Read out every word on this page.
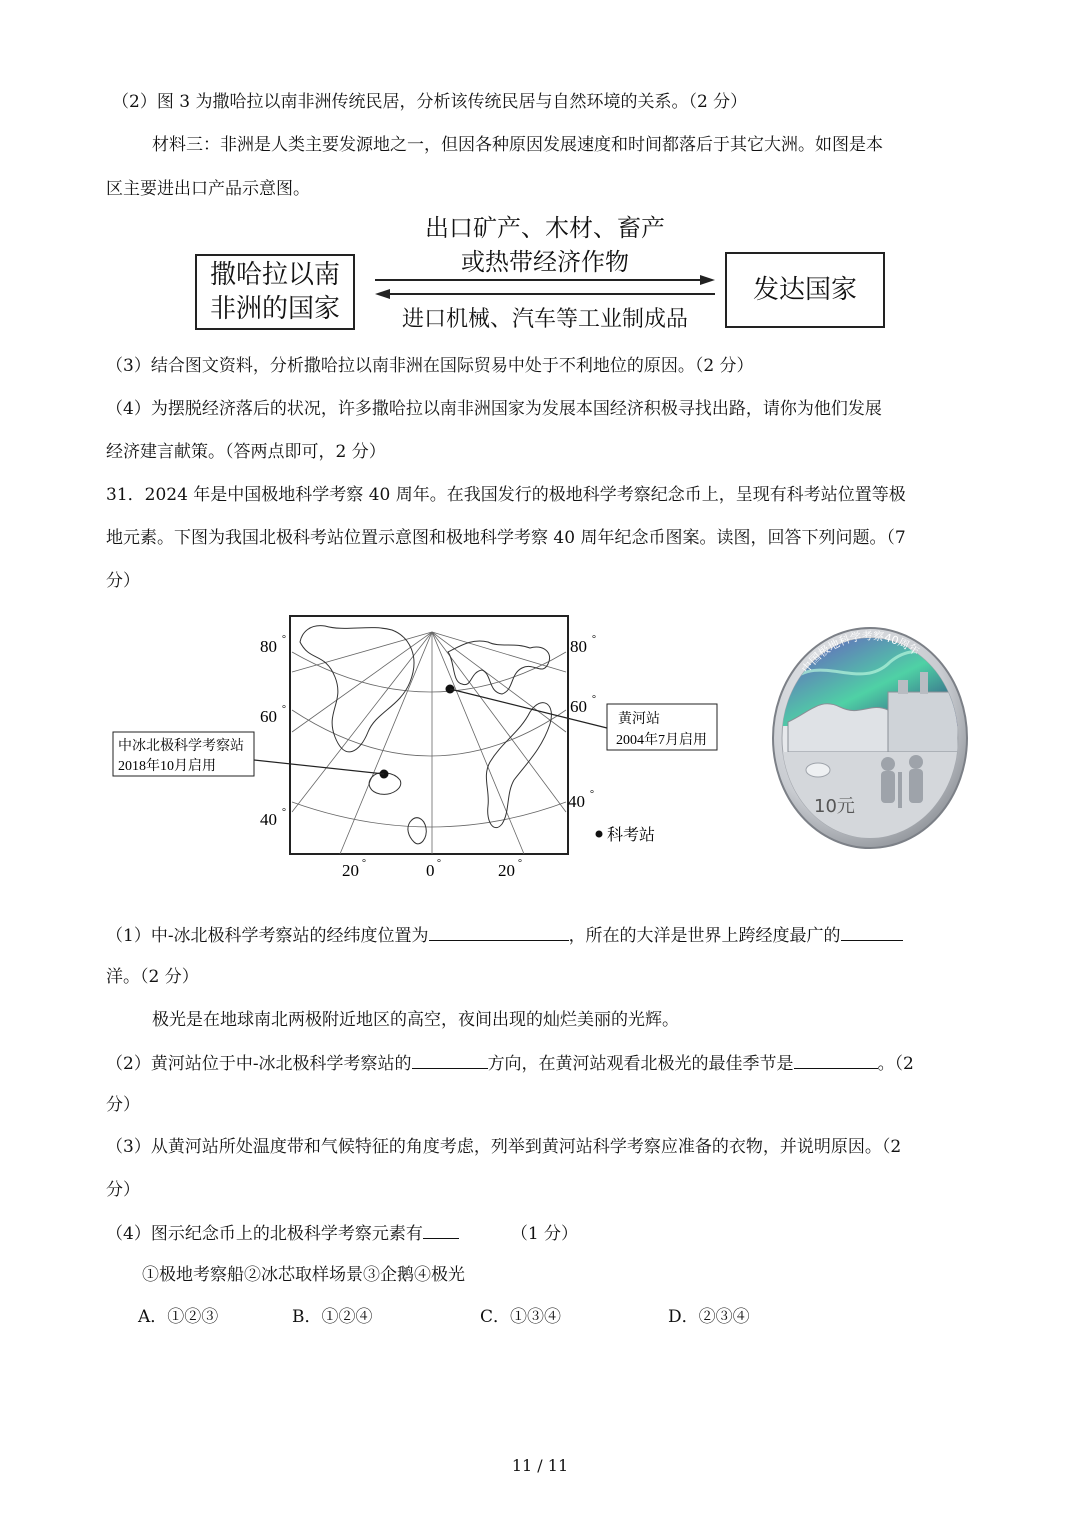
（2）图 3 为撒哈拉以南非洲传统民居，分析该传统民居与自然环境的关系。（2 分）
材料三：非洲是人类主要发源地之一，但因各种原因发展速度和时间都落后于其它大洲。如图是本
区主要进出口产品示意图。
撒哈拉以南
非洲的国家
发达国家
出口矿产、木材、畜产
或热带经济作物
进口机械、汽车等工业制成品
（3）结合图文资料，分析撒哈拉以南非洲在国际贸易中处于不利地位的原因。（2 分）
（4）为摆脱经济落后的状况，许多撒哈拉以南非洲国家为发展本国经济积极寻找出路，请你为他们发展
经济建言献策。（答两点即可，2 分）
31．2024 年是中国极地科学考察 40 周年。在我国发行的极地科学考察纪念币上，呈现有科考站位置等极
地元素。下图为我国北极科考站位置示意图和极地科学考察 40 周年纪念币图案。读图，回答下列问题。（7
分）
80 °
60 °
40 °
80 °
60 °
40 °
20 °	0 °	20 °
中冰北极科学考察站
2018年10月启用
黄河站
2004年7月启用
科考站
中国极地科学考察40周年
10元
（1）中-冰北极科学考察站的经纬度位置为	，所在的大洋是世界上跨经度最广的
洋。（2 分）
极光是在地球南北两极附近地区的高空，夜间出现的灿烂美丽的光辉。
（2）黄河站位于中-冰北极科学考察站的	方向，在黄河站观看北极光的最佳季节是	。（2
分）
（3）从黄河站所处温度带和气候特征的角度考虑，列举到黄河站科学考察应准备的衣物，并说明原因。（2
分）
（4）图示纪念币上的北极科学考察元素有	（1 分）
①极地考察船②冰芯取样场景③企鹅④极光
A．①②③	B．①②④	C．①③④	D．②③④
11 / 11
